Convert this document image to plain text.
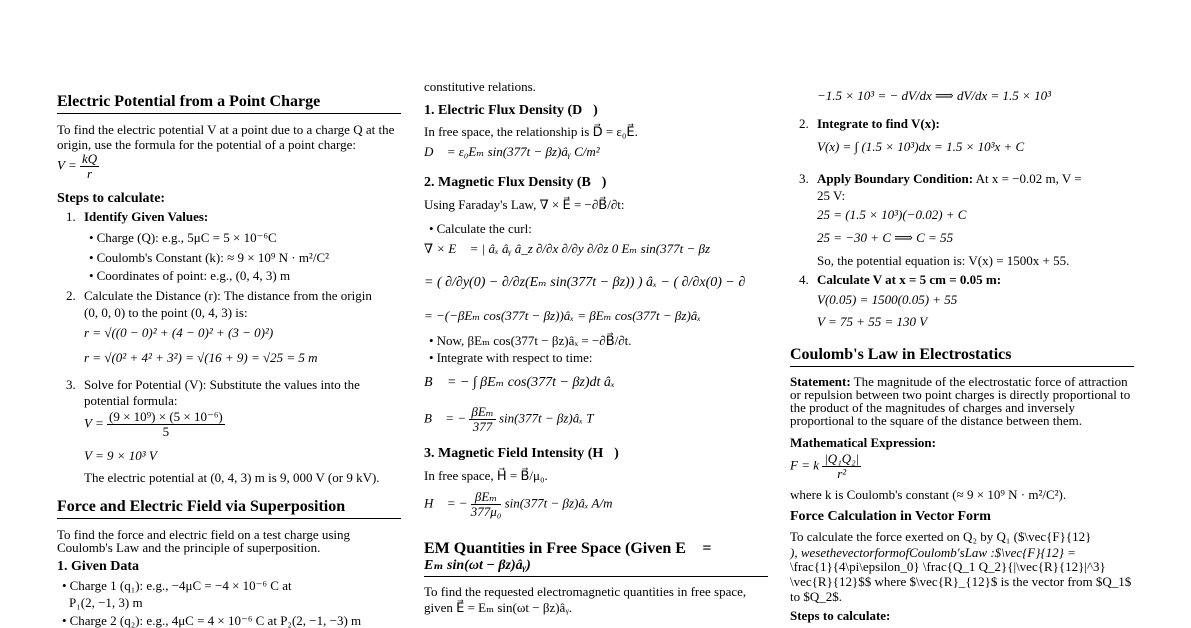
Electric Potential from a Point Charge

To find the electric potential V at a point due to a charge Q at the

origin, use the formula for the potential of a point charge:

$V = \frac{kQ}{r}$
Steps to calculate:

1. Identify Given Values:

• Charge (Q): e.g., 5μC = 5 × 10⁻⁶C

• Coulomb's Constant (k): ≈ 9 × 10⁹ N · m²/C²

• Coordinates of point: e.g., (0, 4, 3) m

2. Calculate the Distance (r): The distance from the origin

(0, 0, 0) to the point (0, 4, 3) is:

r = √((0 − 0)² + (4 − 0)² + (3 − 0)²)

r = √(0² + 4² + 3²) = √(16 + 9) = √25 = 5 m

3. Solve for Potential (V): Substitute the values into the

potential formula:

$V = \frac{\text{(9 × 10⁹) × (5 × 10⁻⁶)}}{5}$

V = 9 × 10³ V

The electric potential at (0, 4, 3) m is 9, 000 V (or 9 kV).

Force and Electric Field via Superposition

To find the force and electric field on a test charge using

Coulomb's Law and the principle of superposition.

1. Given Data

• Charge 1 (q₁): e.g., −4μC = −4 × 10⁻⁶ C at

P₁(2, −1, 3) m

• Charge 2 (q₂): e.g., 4μC = 4 × 10⁻⁶ C at P₂(2, −1, −3) m

constitutive relations.

1. Electric Flux Density (D⃗)

In free space, the relationship is D⃗ = ε₀E⃗.

D⃗ = ε₀Eₘ sin(377t − βz)âᵧ C/m²

2. Magnetic Flux Density (B⃗)

Using Faraday's Law, ∇ × E⃗ = −∂B⃗/∂t:

• Calculate the curl:

∇ × E⃗ = | âₓ âᵧ â_z ∂/∂x ∂/∂y ∂/∂z 0 Eₘ sin(377t − βz

= ( ∂/∂y(0) − ∂/∂z(Eₘ sin(377t − βz)) ) âₓ − ( ∂/∂x(0) − ∂

= −(−βEₘ cos(377t − βz))âₓ = βEₘ cos(377t − βz)âₓ

• Now, βEₘ cos(377t − βz)âₓ = −∂B⃗/∂t.

• Integrate with respect to time:

B⃗ = − ∫ βEₘ cos(377t − βz)dt âₓ

B⃗ = − $\frac{\text{βEₘ}}{377} \sin(377t$ − βz)âₓ T
3. Magnetic Field Intensity (H⃗)

In free space, H⃗ = B⃗/μ₀.

H⃗ = − $\frac{\text{βEₘ}}{\text{377μ₀}} \sin(377t$ − βz)âₓ A/m
EM Quantities in Free Space (Given E⃗ =
Eₘ sin(ωt − βz)âᵧ)

To find the requested electromagnetic quantities in free space,

given E⃗ = Eₘ sin(ωt − βz)âᵧ.

−1.5 × 10³ = − dV/dx ⟹ dV/dx = 1.5 × 10³

2. Integrate to find V(x):

V(x) = ∫ (1.5 × 10³)dx = 1.5 × 10³x + C

3. Apply Boundary Condition: At x = −0.02 m, V =

25 V:

25 = (1.5 × 10³)(−0.02) + C

25 = −30 + C ⟹ C = 55

So, the potential equation is: V(x) = 1500x + 55.

4. Calculate V at x = 5 cm = 0.05 m:

V(0.05) = 1500(0.05) + 55

V = 75 + 55 = 130 V

Coulomb's Law in Electrostatics

Statement: The magnitude of the electrostatic force of attraction

or repulsion between two point charges is directly proportional to

the product of the magnitudes of charges and inversely

proportional to the square of the distance between them.

Mathematical Expression:
F = k $\frac{\text{|Q₁Q₂|}}{\text{r²}}$

where k is Coulomb's constant (≈ 9 × 10⁹ N · m²/C²).

Force Calculation in Vector Form

To calculate the force exerted on Q₂ by Q₁ ($\vec{F}{12}

), wesethevectorformofCoulomb′sLaw :$\vec{F}{12} =

\frac{1}{4\pi\epsilon_0} \frac{Q_1 Q_2}{|\vec{R}{12}|^3}

\vec{R}{12}$$ where $\vec{R}_{12}$ is the vector from $Q_1$

to $Q_2$.

Steps to calculate:
